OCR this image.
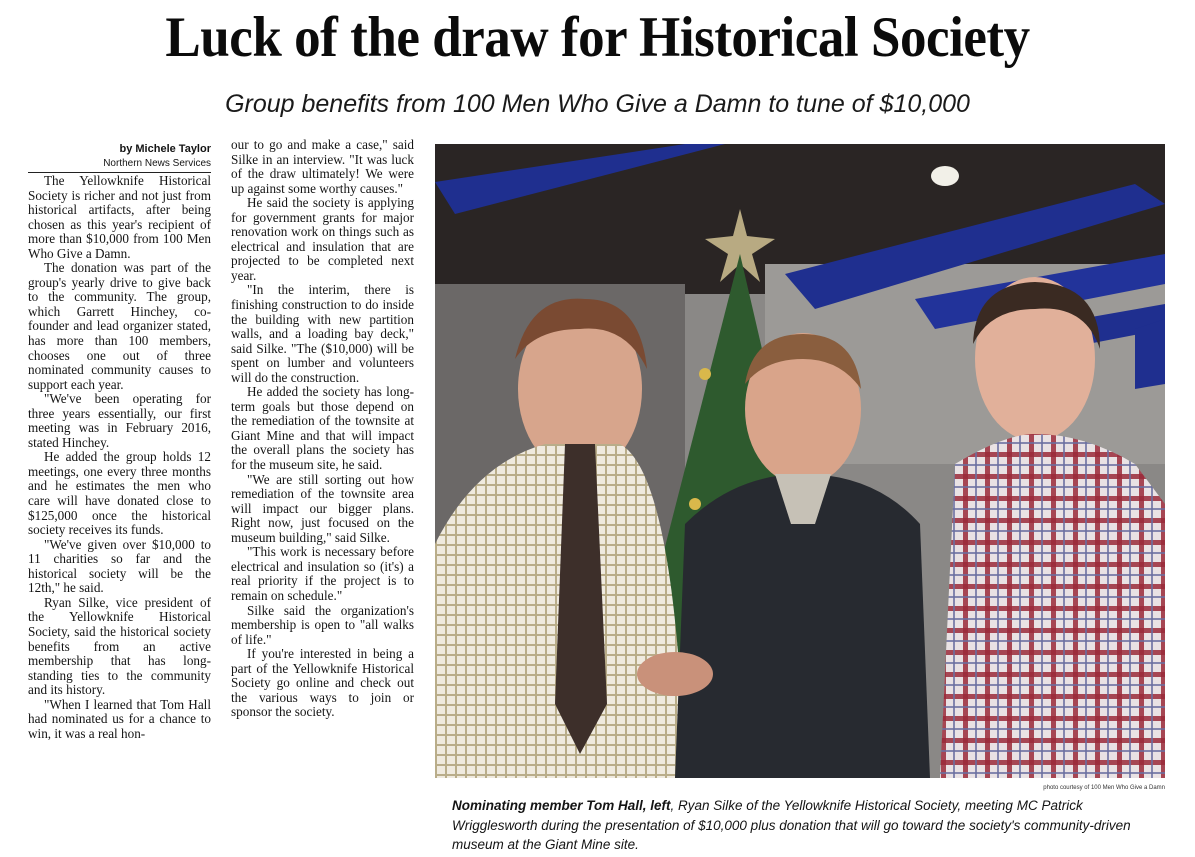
Luck of the draw for Historical Society
Group benefits from 100 Men Who Give a Damn to tune of $10,000
by Michele Taylor
Northern News Services

The Yellowknife Historical Society is richer and not just from historical artifacts, after being chosen as this year's recipient of more than $10,000 from 100 Men Who Give a Damn.

The donation was part of the group's yearly drive to give back to the community. The group, which Garrett Hinchey, co-founder and lead organizer stated, has more than 100 members, chooses one out of three nominated community causes to support each year.

"We've been operating for three years essentially, our first meeting was in February 2016, stated Hinchey.

He added the group holds 12 meetings, one every three months and he estimates the men who care will have donated close to $125,000 once the historical society receives its funds.

"We've given over $10,000 to 11 charities so far and the historical society will be the 12th," he said.

Ryan Silke, vice president of the Yellowknife Historical Society, said the historical society benefits from an active membership that has long-standing ties to the community and its history.

"When I learned that Tom Hall had nominated us for a chance to win, it was a real hon-

our to go and make a case," said Silke in an interview. "It was luck of the draw ultimately! We were up against some worthy causes."

He said the society is applying for government grants for major renovation work on things such as electrical and insulation that are projected to be completed next year.

"In the interim, there is finishing construction to do inside the building with new partition walls, and a loading bay deck," said Silke. "The ($10,000) will be spent on lumber and volunteers will do the construction.

He added the society has long-term goals but those depend on the remediation of the townsite at Giant Mine and that will impact the overall plans the society has for the museum site, he said.

"We are still sorting out how remediation of the townsite area will impact our bigger plans. Right now, just focused on the museum building," said Silke.

"This work is necessary before electrical and insulation so (it's) a real priority if the project is to remain on schedule."

Silke said the organization's membership is open to "all walks of life."

If you're interested in being a part of the Yellowknife Historical Society go online and check out the various ways to join or sponsor the society.

photo courtesy of 100 Men Who Give a Damn
Nominating member Tom Hall, left, Ryan Silke of the Yellowknife Historical Society, meeting MC Patrick Wrigglesworth during the presentation of $10,000 plus donation that will go toward the society's community-driven museum at the Giant Mine site.
